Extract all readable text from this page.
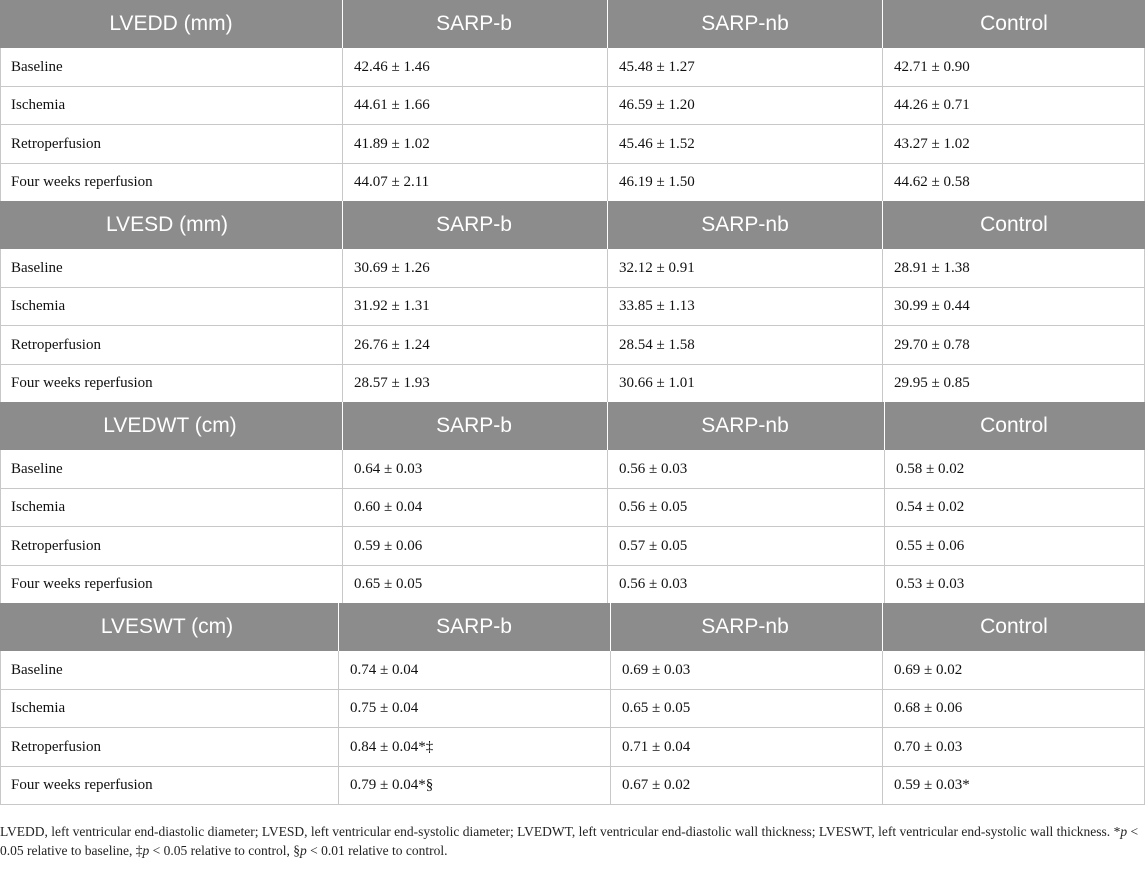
LVEDD (mm)	SARP-b	SARP-nb	Control
Baseline	42.46 ± 1.46	45.48 ± 1.27	42.71 ± 0.90
Ischemia	44.61 ± 1.66	46.59 ± 1.20	44.26 ± 0.71
Retroperfusion	41.89 ± 1.02	45.46 ± 1.52	43.27 ± 1.02
Four weeks reperfusion	44.07 ± 2.11	46.19 ± 1.50	44.62 ± 0.58
LVESD (mm)	SARP-b	SARP-nb	Control
Baseline	30.69 ± 1.26	32.12 ± 0.91	28.91 ± 1.38
Ischemia	31.92 ± 1.31	33.85 ± 1.13	30.99 ± 0.44
Retroperfusion	26.76 ± 1.24	28.54 ± 1.58	29.70 ± 0.78
Four weeks reperfusion	28.57 ± 1.93	30.66 ± 1.01	29.95 ± 0.85
LVEDWT (cm)	SARP-b	SARP-nb	Control
Baseline	0.64 ± 0.03	0.56 ± 0.03	0.58 ± 0.02
Ischemia	0.60 ± 0.04	0.56 ± 0.05	0.54 ± 0.02
Retroperfusion	0.59 ± 0.06	0.57 ± 0.05	0.55 ± 0.06
Four weeks reperfusion	0.65 ± 0.05	0.56 ± 0.03	0.53 ± 0.03
LVESWT (cm)	SARP-b	SARP-nb	Control
Baseline	0.74 ± 0.04	0.69 ± 0.03	0.69 ± 0.02
Ischemia	0.75 ± 0.04	0.65 ± 0.05	0.68 ± 0.06
Retroperfusion	0.84 ± 0.04*‡	0.71 ± 0.04	0.70 ± 0.03
Four weeks reperfusion	0.79 ± 0.04*§	0.67 ± 0.02	0.59 ± 0.03*
LVEDD, left ventricular end-diastolic diameter; LVESD, left ventricular end-systolic diameter; LVEDWT, left ventricular end-diastolic wall thickness; LVESWT, left ventricular end-systolic wall thickness. *p < 0.05 relative to baseline, ‡p < 0.05 relative to control, §p < 0.01 relative to control.
